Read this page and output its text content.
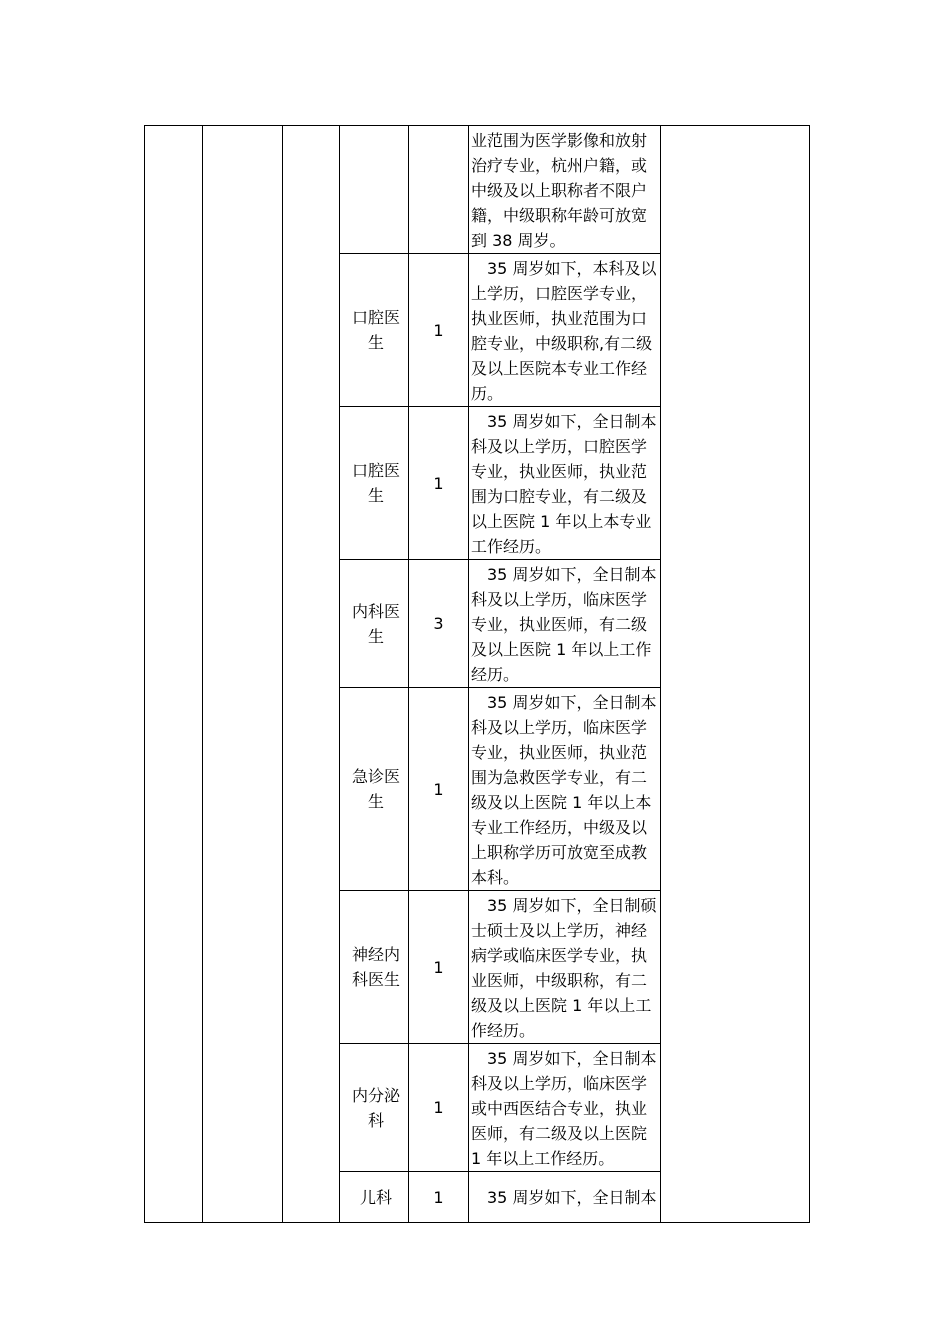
					业范围为医学影像和放射治疗专业，杭州户籍，或中级及以上职称者不限户籍，中级职称年龄可放宽到 38 周岁。	

			口腔医生	1	35 周岁如下，本科及以上学历，口腔医学专业，执业医师，执业范围为口腔专业，中级职称,有二级及以上医院本专业工作经历。	

			口腔医生	1	35 周岁如下，全日制本科及以上学历，口腔医学专业，执业医师，执业范围为口腔专业，有二级及以上医院 1 年以上本专业工作经历。	

			内科医生	3	35 周岁如下，全日制本科及以上学历，临床医学专业，执业医师，有二级及以上医院 1 年以上工作经历。	

			急诊医生	1	35 周岁如下，全日制本科及以上学历，临床医学专业，执业医师，执业范围为急救医学专业，有二级及以上医院 1 年以上本专业工作经历，中级及以上职称学历可放宽至成教本科。	

			神经内科医生	1	35 周岁如下，全日制硕士硕士及以上学历，神经病学或临床医学专业，执业医师，中级职称，有二级及以上医院 1 年以上工作经历。	

			内分泌科	1	35 周岁如下，全日制本科及以上学历，临床医学或中西医结合专业，执业医师，有二级及以上医院 1 年以上工作经历。	

			儿科	1	35 周岁如下，全日制本	
